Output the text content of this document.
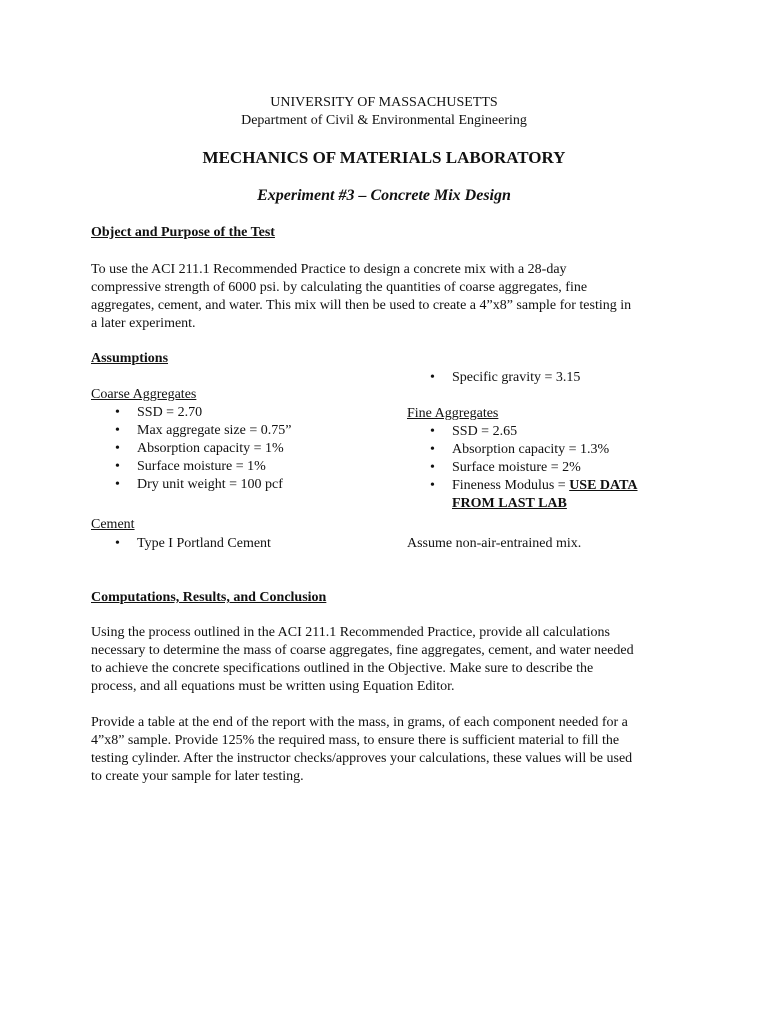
UNIVERSITY OF MASSACHUSETTS
Department of Civil & Environmental Engineering
MECHANICS OF MATERIALS LABORATORY
Experiment #3 – Concrete Mix Design
Object and Purpose of the Test
To use the ACI 211.1 Recommended Practice to design a concrete mix with a 28-day
compressive strength of 6000 psi. by calculating the quantities of coarse aggregates, fine
aggregates, cement, and water. This mix will then be used to create a 4”x8” sample for testing in
a later experiment.
Assumptions
Coarse Aggregates
• SSD = 2.70
• Max aggregate size = 0.75”
• Absorption capacity = 1%
• Surface moisture = 1%
• Dry unit weight = 100 pcf
Cement
• Type I Portland Cement
• Specific gravity = 3.15
Fine Aggregates
• SSD = 2.65
• Absorption capacity = 1.3%
• Surface moisture = 2%
• Fineness Modulus = USE DATA
FROM LAST LAB
Assume non-air-entrained mix.
Computations, Results, and Conclusion
Using the process outlined in the ACI 211.1 Recommended Practice, provide all calculations
necessary to determine the mass of coarse aggregates, fine aggregates, cement, and water needed
to achieve the concrete specifications outlined in the Objective. Make sure to describe the
process, and all equations must be written using Equation Editor.
Provide a table at the end of the report with the mass, in grams, of each component needed for a
4”x8” sample. Provide 125% the required mass, to ensure there is sufficient material to fill the
testing cylinder. After the instructor checks/approves your calculations, these values will be used
to create your sample for later testing.
